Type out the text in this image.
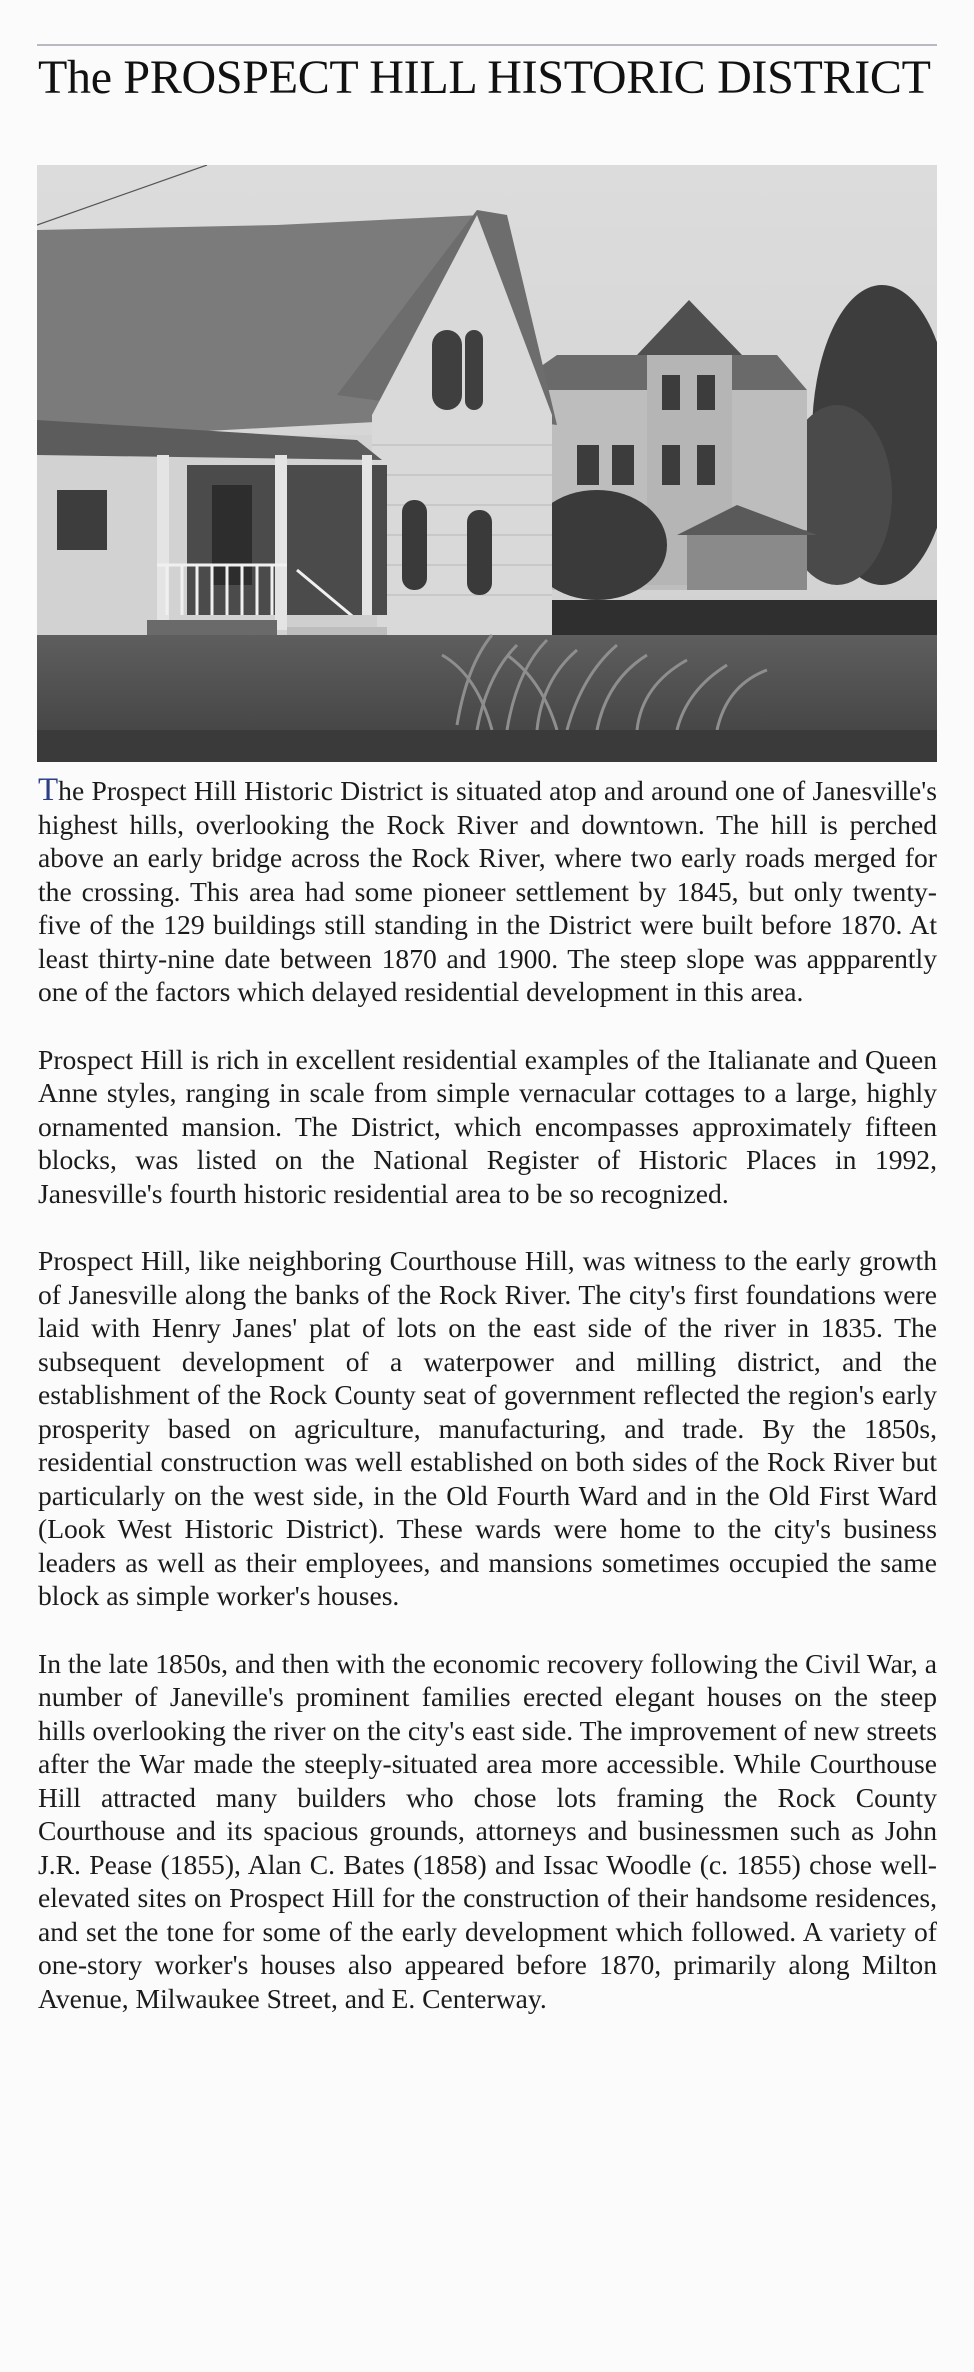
The PROSPECT HILL HISTORIC DISTRICT

The Prospect Hill Historic District is situated atop and around one of Janesville's highest hills, overlooking the Rock River and downtown. The hill is perched above an early bridge across the Rock River, where two early roads merged for the crossing. This area had some pioneer settlement by 1845, but only twenty-five of the 129 buildings still standing in the District were built before 1870. At least thirty-nine date between 1870 and 1900. The steep slope was appparently one of the factors which delayed residential development in this area.

Prospect Hill is rich in excellent residential examples of the Italianate and Queen Anne styles, ranging in scale from simple vernacular cottages to a large, highly ornamented mansion. The District, which encompasses approximately fifteen blocks, was listed on the National Register of Historic Places in 1992, Janesville's fourth historic residential area to be so recognized.

Prospect Hill, like neighboring Courthouse Hill, was witness to the early growth of Janesville along the banks of the Rock River. The city's first foundations were laid with Henry Janes' plat of lots on the east side of the river in 1835. The subsequent development of a waterpower and milling district, and the establishment of the Rock County seat of government reflected the region's early prosperity based on agriculture, manufacturing, and trade. By the 1850s, residential construction was well established on both sides of the Rock River but particularly on the west side, in the Old Fourth Ward and in the Old First Ward (Look West Historic District). These wards were home to the city's business leaders as well as their employees, and mansions sometimes occupied the same block as simple worker's houses.

In the late 1850s, and then with the economic recovery following the Civil War, a number of Janeville's prominent families erected elegant houses on the steep hills overlooking the river on the city's east side. The improvement of new streets after the War made the steeply-situated area more accessible. While Courthouse Hill attracted many builders who chose lots framing the Rock County Courthouse and its spacious grounds, attorneys and businessmen such as John J.R. Pease (1855), Alan C. Bates (1858) and Issac Woodle (c. 1855) chose well-elevated sites on Prospect Hill for the construction of their handsome residences, and set the tone for some of the early development which followed. A variety of one-story worker's houses also appeared before 1870, primarily along Milton Avenue, Milwaukee Street, and E. Centerway.
